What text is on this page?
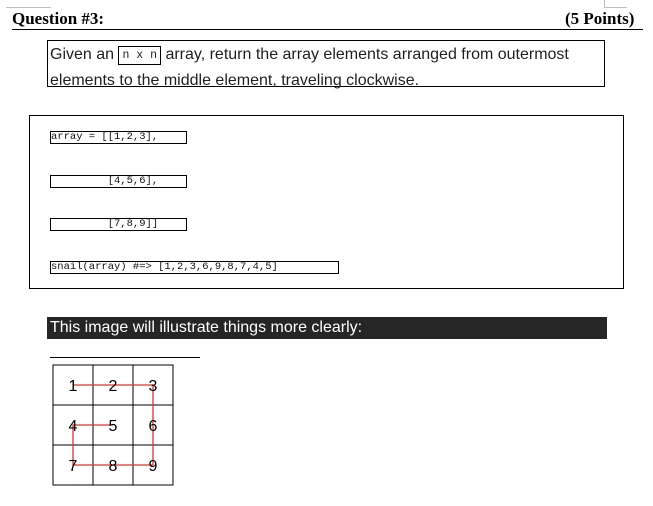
Question #3:	(5 Points)
Given an n x n array, return the array elements arranged from outermost elements to the middle element, traveling clockwise.
array = [[1,2,3],
[4,5,6],
[7,8,9]]
snail(array) #=> [1,2,3,6,9,8,7,4,5]
This image will illustrate things more clearly:
1 2 3
4 5 6
7 8 9
